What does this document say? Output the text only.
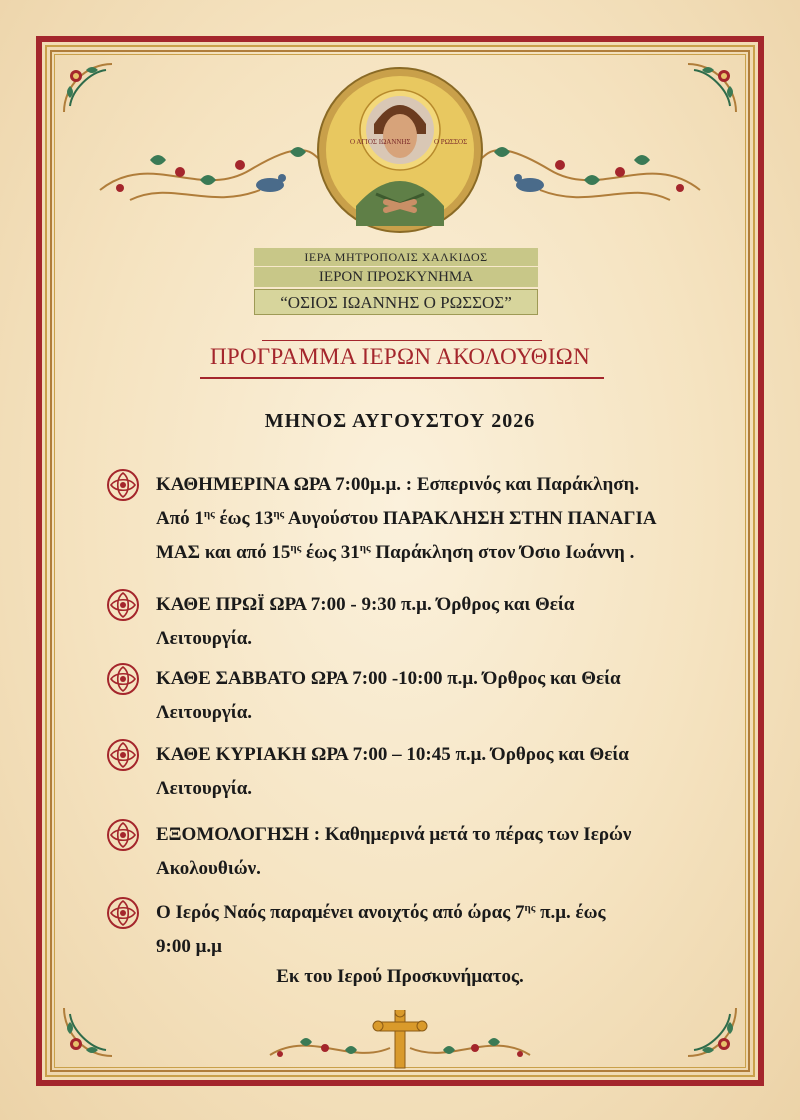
Ο ΑΓΙΟΣ ΙΩΑΝΝΗΣ	Ο ΡΩΣΣΟΣ
ΙΕΡΑ ΜΗΤΡΟΠΟΛΙΣ ΧΑΛΚΙΔΟΣ
ΙΕΡΟΝ ΠΡΟΣΚΥΝΗΜΑ
“ΟΣΙΟΣ ΙΩΑΝΝΗΣ Ο ΡΩΣΣΟΣ”
ΠΡΟΓΡΑΜΜΑ ΙΕΡΩΝ ΑΚΟΛΟΥΘΙΩΝ
ΜΗΝΟΣ ΑΥΓΟΥΣΤΟΥ 2026
ΚΑΘΗΜΕΡΙΝΑ ΩΡΑ 7:00μ.μ. : Εσπερινός και Παράκληση.
Από $1^{\eta\varsigma}$ έως $13^{\eta\varsigma}$ Αυγούστου ΠΑΡΑΚΛΗΣΗ ΣΤΗΝ ΠΑΝΑΓΙΑ
ΜΑΣ και από $15^{\eta\varsigma}$ έως $31^{\eta\varsigma}$ Παράκληση στον Όσιο Ιωάννη .
ΚΑΘΕ ΠΡΩΪ ΩΡΑ 7:00 - 9:30 π.μ. Όρθρος και Θεία
Λειτουργία.
ΚΑΘΕ ΣΑΒΒΑΤΟ ΩΡΑ 7:00 -10:00 π.μ. Όρθρος και Θεία
Λειτουργία.
ΚΑΘΕ ΚΥΡΙΑΚΗ ΩΡΑ 7:00 – 10:45 π.μ. Όρθρος και Θεία
Λειτουργία.
ΕΞΟΜΟΛΟΓΗΣΗ : Καθημερινά μετά το πέρας των Ιερών
Ακολουθιών.
Ο Ιερός Ναός παραμένει ανοιχτός από ώρας $7^{\eta\varsigma}$ π.μ. έως
9:00 μ.μ
Εκ του Ιερού Προσκυνήματος.
